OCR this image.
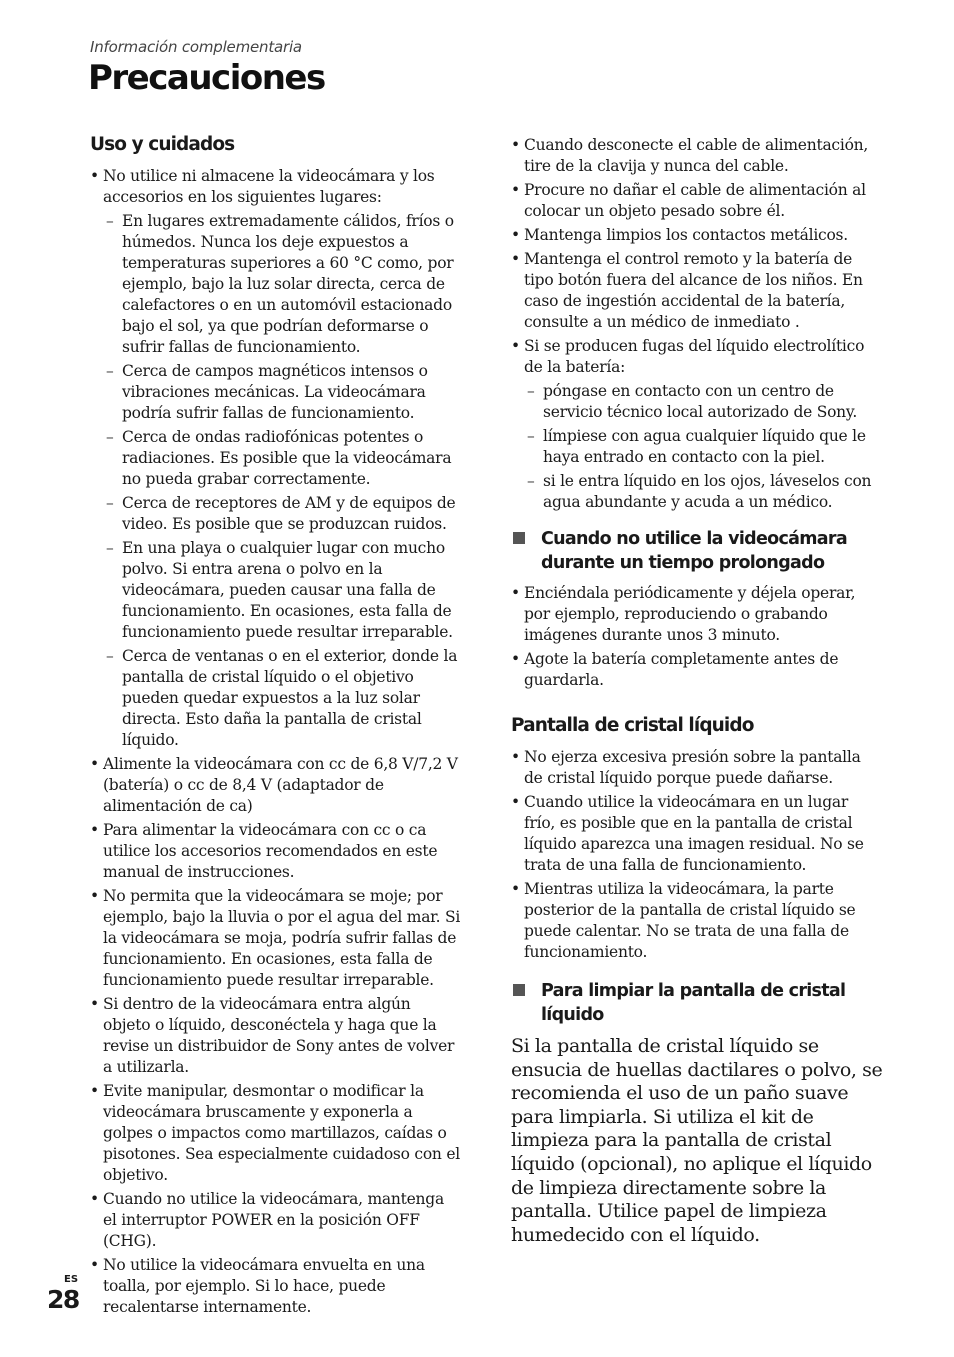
Información complementaria
Precauciones
Uso y cuidados
• No utilice ni almacene la videocámara y los accesorios en los siguientes lugares:
– En lugares extremadamente cálidos, fríos o húmedos. Nunca los deje expuestos a temperaturas superiores a 60 °C como, por ejemplo, bajo la luz solar directa, cerca de calefactores o en un automóvil estacionado bajo el sol, ya que podrían deformarse o sufrir fallas de funcionamiento.
– Cerca de campos magnéticos intensos o vibraciones mecánicas. La videocámara podría sufrir fallas de funcionamiento.
– Cerca de ondas radiofónicas potentes o radiaciones. Es posible que la videocámara no pueda grabar correctamente.
– Cerca de receptores de AM y de equipos de video. Es posible que se produzcan ruidos.
– En una playa o cualquier lugar con mucho polvo. Si entra arena o polvo en la videocámara, pueden causar una falla de funcionamiento. En ocasiones, esta falla de funcionamiento puede resultar irreparable.
– Cerca de ventanas o en el exterior, donde la pantalla de cristal líquido o el objetivo pueden quedar expuestos a la luz solar directa. Esto daña la pantalla de cristal líquido.
• Alimente la videocámara con cc de 6,8 V/7,2 V (batería) o cc de 8,4 V (adaptador de alimentación de ca)
• Para alimentar la videocámara con cc o ca utilice los accesorios recomendados en este manual de instrucciones.
• No permita que la videocámara se moje; por ejemplo, bajo la lluvia o por el agua del mar. Si la videocámara se moja, podría sufrir fallas de funcionamiento. En ocasiones, esta falla de funcionamiento puede resultar irreparable.
• Si dentro de la videocámara entra algún objeto o líquido, desconéctela y haga que la revise un distribuidor de Sony antes de volver a utilizarla.
• Evite manipular, desmontar o modificar la videocámara bruscamente y exponerla a golpes o impactos como martillazos, caídas o pisotones. Sea especialmente cuidadoso con el objetivo.
• Cuando no utilice la videocámara, mantenga el interruptor POWER en la posición OFF (CHG).
• No utilice la videocámara envuelta en una toalla, por ejemplo. Si lo hace, puede recalentarse internamente.
• Cuando desconecte el cable de alimentación, tire de la clavija y nunca del cable.
• Procure no dañar el cable de alimentación al colocar un objeto pesado sobre él.
• Mantenga limpios los contactos metálicos.
• Mantenga el control remoto y la batería de tipo botón fuera del alcance de los niños. En caso de ingestión accidental de la batería, consulte a un médico de inmediato .
• Si se producen fugas del líquido electrolítico de la batería:
– póngase en contacto con un centro de servicio técnico local autorizado de Sony.
– límpiese con agua cualquier líquido que le haya entrado en contacto con la piel.
– si le entra líquido en los ojos, láveselos con agua abundante y acuda a un médico.
Cuando no utilice la videocámara durante un tiempo prolongado
• Enciéndala periódicamente y déjela operar, por ejemplo, reproduciendo o grabando imágenes durante unos 3 minuto.
• Agote la batería completamente antes de guardarla.
Pantalla de cristal líquido
• No ejerza excesiva presión sobre la pantalla de cristal líquido porque puede dañarse.
• Cuando utilice la videocámara en un lugar frío, es posible que en la pantalla de cristal líquido aparezca una imagen residual. No se trata de una falla de funcionamiento.
• Mientras utiliza la videocámara, la parte posterior de la pantalla de cristal líquido se puede calentar. No se trata de una falla de funcionamiento.
Para limpiar la pantalla de cristal líquido

Si la pantalla de cristal líquido se ensucia de huellas dactilares o polvo, se recomienda el uso de un paño suave para limpiarla. Si utiliza el kit de limpieza para la pantalla de cristal líquido (opcional), no aplique el líquido de limpieza directamente sobre la pantalla. Utilice papel de limpieza humedecido con el líquido.

ES
28
